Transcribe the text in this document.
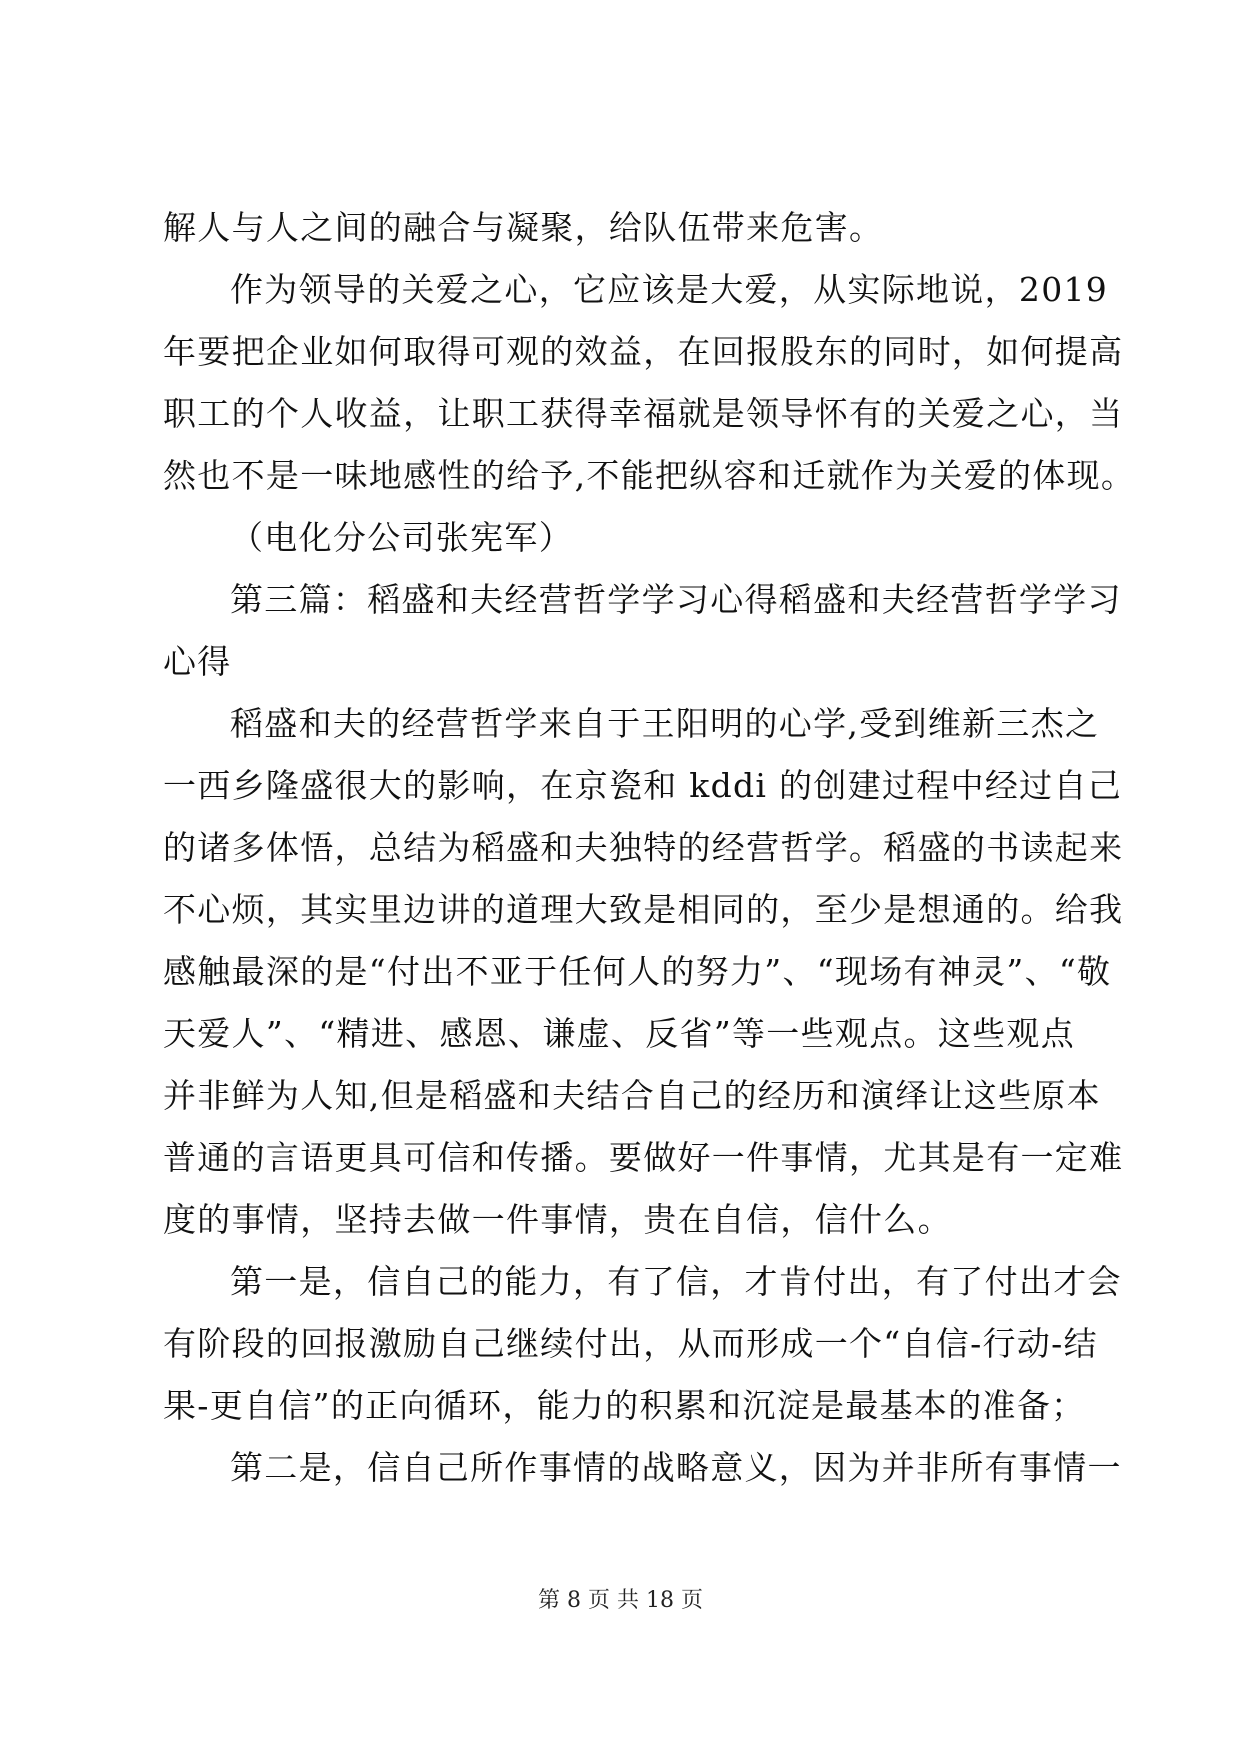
解人与人之间的融合与凝聚，给队伍带来危害。
作为领导的关爱之心，它应该是大爱，从实际地说，2019
年要把企业如何取得可观的效益，在回报股东的同时，如何提高
职工的个人收益，让职工获得幸福就是领导怀有的关爱之心，当
然也不是一味地感性的给予,不能把纵容和迁就作为关爱的体现。
（电化分公司张宪军）
第三篇：稻盛和夫经营哲学学习心得稻盛和夫经营哲学学习
心得
稻盛和夫的经营哲学来自于王阳明的心学,受到维新三杰之
一西乡隆盛很大的影响，在京瓷和 kddi 的创建过程中经过自己
的诸多体悟，总结为稻盛和夫独特的经营哲学。稻盛的书读起来
不心烦，其实里边讲的道理大致是相同的，至少是想通的。给我
感触最深的是“付出不亚于任何人的努力”、“现场有神灵”、“敬
天爱人”、“精进、感恩、谦虚、反省”等一些观点。这些观点
并非鲜为人知,但是稻盛和夫结合自己的经历和演绎让这些原本
普通的言语更具可信和传播。要做好一件事情，尤其是有一定难
度的事情，坚持去做一件事情，贵在自信，信什么。
第一是，信自己的能力，有了信，才肯付出，有了付出才会
有阶段的回报激励自己继续付出，从而形成一个“自信-行动-结
果-更自信”的正向循环，能力的积累和沉淀是最基本的准备；
第二是，信自己所作事情的战略意义，因为并非所有事情一
第 8 页 共 18 页
